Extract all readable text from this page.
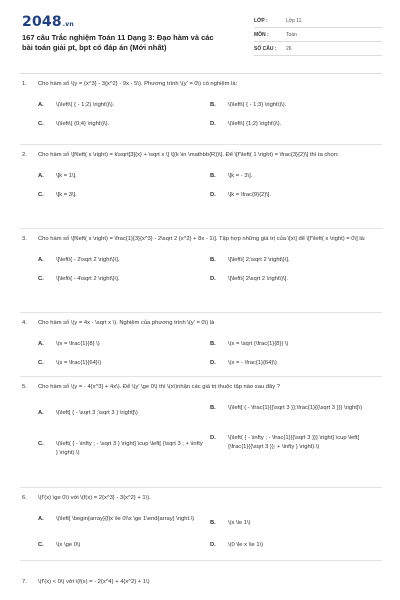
2048.vn
167 câu Trắc nghiệm Toán 11 Dạng 3: Đạo hàm và các bài toán giải pt, bpt có đáp án (Mới nhất)
LỚP :	Lớp 11
MÔN :	Toán
SỐ CÂU :	26
1.	Cho hàm số \(y = {x^3} - 3{x^2} - 9x - 5\). Phương trình \(y' = 0\) có nghiệm là:
A.	\(\left\{ { - 1;2} \right\}\).	B.	\(\left\{ { - 1;3} \right\}\).
C.	\(\left\{ {0;4} \right\}\).	D.	\(\left\{ {1;2} \right\}\).
2.	Cho hàm số \[f\left( x \right) = k\sqrt[3]{x} + \sqrt x \] \[(k \in \mathbb{R})\]. Để \[f'\left( 1 \right) = \frac{3}{2}\] thì ta chọn:
A.	\[k = 1\].	B.	\[k = - 3\].
C.	\[k = 3\].	D.	\[k = \frac{9}{2}\].
3.	Cho hàm số \[f\left( x \right) = \frac{1}{3}{x^3} - 2\sqrt 2 {x^2} + 8x - 1\]. Tập hợp những giá trị của \[x\] để \[f'\left( x \right) = 0\] là:
A.	\[\left\{ - 2\sqrt 2 \right\}\].	B.	\[\left\{ 2;\sqrt 2 \right\}\].
C.	\[\left\{ - 4\sqrt 2 \right\}\].	D.	\[\left\{ 2\sqrt 2 \right\}\].
4.	Cho hàm số \(y = 4x - \sqrt x \). Nghiệm của phương trình \(y' = 0\) là
A.	\(x = \frac{1}{8} \)	B.	\(x = \sqrt {\frac{1}{8}} \)
C.	\(x = \frac{1}{64}\)	D.	\(x = - \frac{1}{64}\)
5.	Cho hàm số \(y = - 4{x^3} + 4x\). Để \(y' \ge 0\) thì \(x\)nhận các giá trị thuộc tập nào sau đây ?
A.	\(\left[ { - \sqrt 3 ;\sqrt 3 } \right]\)
B.	\(\left[ { - \frac{1}{{\sqrt 3 }};\frac{1}{{\sqrt 3 }}} \right]\)
C.	\(\left( { - \infty ; - \sqrt 3 } \right] \cup \left[ {\sqrt 3 ; + \infty } \right).\)
D.	\(\left( { - \infty ; - \frac{1}{{\sqrt 3 }}} \right] \cup \left[ {\frac{1}{{\sqrt 3 }}; + \infty } \right).\)
6.	\(f'(x) \ge 0\) với \(f(x) = 2{x^3} - 3{x^2} + 1\).
A.	\(\left[ \begin{array}{l}x \le 0\\x \ge 1\end{array} \right.\)
B.	\(x \le 1\)
C.	\(x \ge 0\)	D.	\(0 \le x \le 1\)
7.	\(f'(x) < 0\) với \(f(x) = - 2{x^4} + 4{x^2} + 1\)
